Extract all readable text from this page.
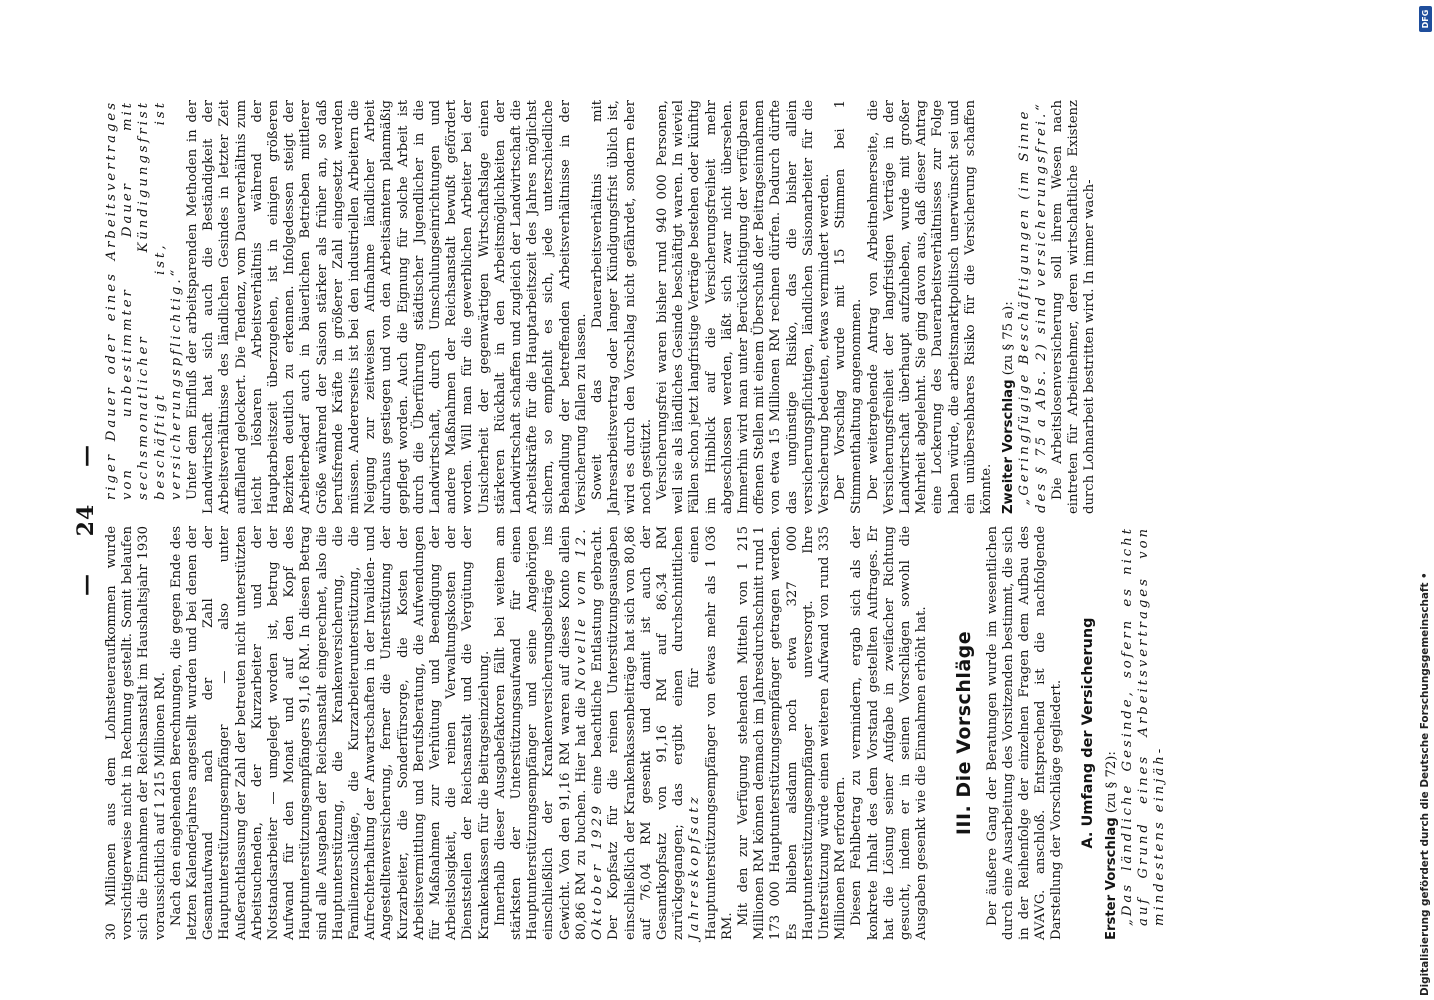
— 24 —

30 Millionen aus dem Lohnsteueraufkommen wurde vorsichtigerweise nicht in Rechnung gestellt. Somit belaufen sich die Einnahmen der Reichsanstalt im Haushaltsjahr 1930 voraussichtlich auf 1 215 Millionen RM. Nach den eingehenden Berechnungen, die gegen Ende des letzten Kalenderjahres angestellt wurden und bei denen der Gesamtaufwand nach der Zahl der Hauptunterstützungsempfänger — also unter Außerachtlassung der Zahl der betreuten nicht unterstützten Arbeitsuchenden, der Kurzarbeiter und der Notstandsarbeiter — umgelegt worden ist, betrug der Aufwand für den Monat und auf den Kopf des Hauptunterstützungsempfängers 91,16 RM. In diesen Betrag sind alle Ausgaben der Reichsanstalt eingerechnet, also die Hauptunterstützung, die Krankenversicherung, die Familienzuschläge, die Kurzarbeiterunterstützung, die Aufrechterhaltung der Anwartschaften in der Invaliden- und Angestelltenversicherung, ferner die Unterstützung der Kurzarbeiter, die Sonderfürsorge, die Kosten der Arbeitsvermittlung und Berufsberatung, die Aufwendungen für Maßnahmen zur Verhütung und Beendigung der Arbeitslosigkeit, die reinen Verwaltungskosten der Dienststellen der Reichsanstalt und die Vergütung der Krankenkassen für die Beitragseinziehung. Innerhalb dieser Ausgabefaktoren fällt bei weitem am stärksten der Unterstützungsaufwand für einen Hauptunterstützungsempfänger und seine Angehörigen einschließlich der Krankenversicherungsbeiträge ins Gewicht. Von den 91,16 RM waren auf dieses Konto allein 80,86 RM zu buchen. Hier hat die Novelle vom 12. Oktober 1929 eine beachtliche Entlastung gebracht. Der Kopfsatz für die reinen Unterstützungsausgaben einschließlich der Krankenkassenbeiträge hat sich von 80,86 auf 76,04 RM gesenkt und damit ist auch der Gesamtkopfsatz von 91,16 RM auf 86,34 RM zurückgegangen; das ergibt einen durchschnittlichen Jahreskopfsatz für einen Hauptunterstützungsempfänger von etwas mehr als 1 036 RM.

Mit den zur Verfügung stehenden Mitteln von 1 215 Millionen RM können demnach im Jahresdurchschnitt rund 1 173 000 Hauptunterstützungsempfänger getragen werden. Es blieben alsdann noch etwa 327 000 Hauptunterstützungsempfänger unversorgt. Ihre Unterstützung würde einen weiteren Aufwand von rund 335 Millionen RM erfordern. Diesen Fehlbetrag zu vermindern, ergab sich als der konkrete Inhalt des dem Vorstand gestellten Auftrages. Er hat die Lösung seiner Aufgabe in zweifacher Richtung gesucht, indem er in seinen Vorschlägen sowohl die Ausgaben gesenkt wie die Einnahmen erhöht hat. III. Die Vorschläge Der äußere Gang der Beratungen wurde im wesentlichen durch eine Ausarbeitung des Vorsitzenden bestimmt, die sich in der Reihenfolge der einzelnen Fragen dem Aufbau des AVAVG. anschloß. Entsprechend ist die nachfolgende Darstellung der Vorschläge gegliedert. A. Umfang der Versicherung

Erster Vorschlag (zu § 72): „Das ländliche Gesinde, sofern es nicht auf Grund eines Arbeitsvertrages von mindestens einjäh-

riger Dauer oder eines Arbeitsvertrages von unbestimmter Dauer mit sechsmonatlicher Kündigungsfrist beschäftigt ist, ist versicherungspflichtig.“ Unter dem Einfluß der arbeitsparenden Methoden in der Landwirtschaft hat sich auch die Beständigkeit der Arbeitsverhältnisse des ländlichen Gesindes in letzter Zeit auffallend gelockert. Die Tendenz, vom Dauerverhältnis zum leicht lösbaren Arbeitsverhältnis während der Hauptarbeitszeit überzugehen, ist in einigen größeren Bezirken deutlich zu erkennen. Infolgedessen steigt der Arbeiterbedarf auch in bäuerlichen Betrieben mittlerer Größe während der Saison stärker als früher an, so daß berufsfremde Kräfte in größerer Zahl eingesetzt werden müssen. Andererseits ist bei den industriellen Arbeitern die Neigung zur zeitweisen Aufnahme ländlicher Arbeit durchaus gestiegen und von den Arbeitsämtern planmäßig gepflegt worden. Auch die Eignung für solche Arbeit ist durch die Überführung städtischer Jugendlicher in die Landwirtschaft, durch Umschulungseinrichtungen und andere Maßnahmen der Reichsanstalt bewußt gefördert worden. Will man für die gewerblichen Arbeiter bei der Unsicherheit der gegenwärtigen Wirtschaftslage einen stärkeren Rückhalt in den Arbeitsmöglichkeiten der Landwirtschaft schaffen und zugleich der Landwirtschaft die Arbeitskräfte für die Hauptarbeitszeit des Jahres möglichst sichern, so empfiehlt es sich, jede unterschiedliche Behandlung der betreffenden Arbeitsverhältnisse in der Versicherung fallen zu lassen. Soweit das Dauerarbeitsverhältnis mit Jahresarbeitsvertrag oder langer Kündigungsfrist üblich ist, wird es durch den Vorschlag nicht gefährdet, sondern eher noch gestützt. Versicherungsfrei waren bisher rund 940 000 Personen, weil sie als ländliches Gesinde beschäftigt waren. In wieviel Fällen schon jetzt langfristige Verträge bestehen oder künftig im Hinblick auf die Versicherungsfreiheit mehr abgeschlossen werden, läßt sich zwar nicht übersehen. Immerhin wird man unter Berücksichtigung der verfügbaren offenen Stellen mit einem Überschuß der Beitragseinnahmen von etwa 15 Millionen RM rechnen dürfen. Dadurch dürfte das ungünstige Risiko, das die bisher allein versicherungspflichtigen, ländlichen Saisonarbeiter für die Versicherung bedeuten, etwas vermindert werden. Der Vorschlag wurde mit 15 Stimmen bei 1 Stimmenthaltung angenommen. Der weitergehende Antrag von Arbeitnehmerseite, die Versicherungsfreiheit der langfristigen Verträge in der Landwirtschaft überhaupt aufzuheben, wurde mit großer Mehrheit abgelehnt. Sie ging davon aus, daß dieser Antrag eine Lockerung des Dauerarbeitsverhältnisses zur Folge haben würde, die arbeitsmarktpolitisch unerwünscht sei und ein unübersehbares Risiko für die Versicherung schaffen könnte. Zweiter Vorschlag (zu § 75 a): „Geringfügige Beschäftigungen (im Sinne des § 75 a Abs. 2) sind versicherungsfrei.“ Die Arbeitslosenversicherung soll ihrem Wesen nach eintreten für Arbeitnehmer, deren wirtschaftliche Existenz durch Lohnarbeit bestritten wird. In immer wach-

DFG
Digitalisierung gefördert durch die Deutsche Forschungsgemeinschaft •
